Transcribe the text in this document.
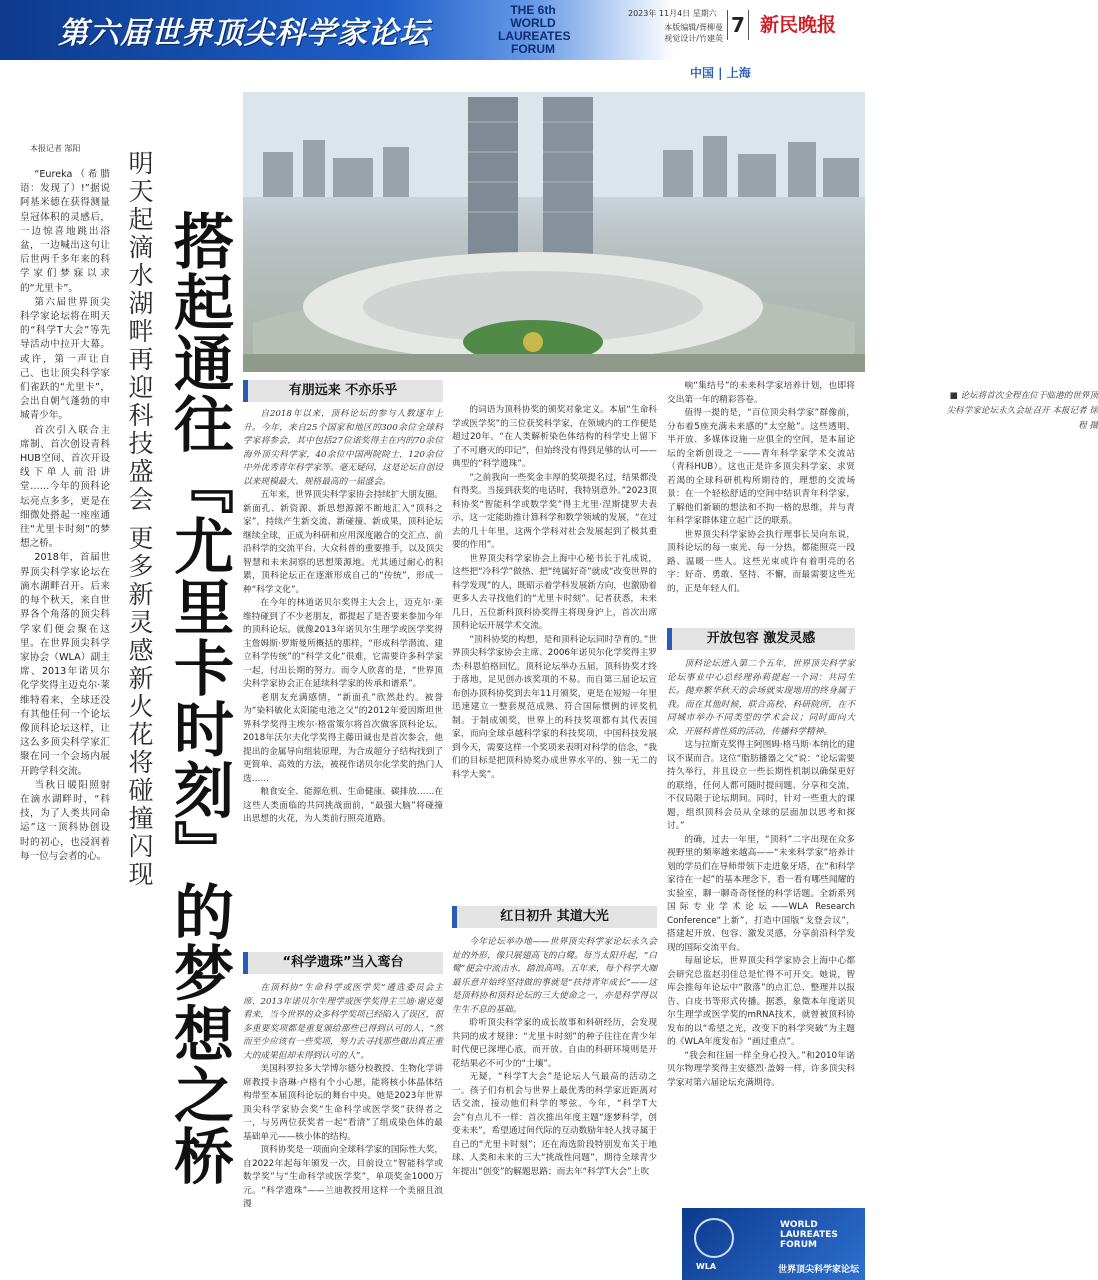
第六届世界顶尖科学家论坛
THE 6th WORLD LAUREATES FORUM
2023年 11月4日 星期六
本版编辑/胥柳曼 视觉设计/竹建英
7 新民晚报
中国 | 上海
本报记者 郜阳

“Eureka（希腊语：发现了）!”据说阿基米德在获得测量皇冠体积的灵感后，一边惊喜地跳出浴盆，一边喊出这句让后世两千多年来的科学家们梦寐以求的“尤里卡”。

第六届世界顶尖科学家论坛将在明天的“科学T大会”等先导活动中拉开大幕。或许，第一声让自己、也让顶尖科学家们雀跃的“尤里卡”，会出自朝气蓬勃的申城青少年。

首次引入联合主席制、首次创设青科HUB空间、首次开设线下单人前沿讲堂……今年的顶科论坛亮点多多，更是在细微处搭起一座座通往“尤里卡时刻”的梦想之桥。

2018年，首届世界顶尖科学家论坛在滴水湖畔召开。后来的每个秋天，来自世界各个角落的顶尖科学家们便会聚在这里。在世界顶尖科学家协会（WLA）副主席、2013年诺贝尔化学奖得主迈克尔·莱维特看来，全球还没有其他任何一个论坛像顶科论坛这样，让这么多顶尖科学家汇聚在同一个会场内展开跨学科交流。

当秋日暖阳照射在滴水湖畔时，“科技，为了人类共同命运”这一顶科协创设时的初心，也浸润着每一位与会者的心。 明天起滴水湖畔再迎科技盛会 更多新灵感新火花将碰撞闪现 搭起通往『尤里卡时刻』的梦想之桥	■ 论坛将首次全程在位于临港的世界顶尖科学家论坛永久会址召开 本报记者 徐程 摄
有朋远来 不亦乐乎

自2018年以来，顶科论坛的参与人数逐年上升。今年，来自25个国家和地区的300余位全球科学家将参会，其中包括27位诺奖得主在内的70余位海外顶尖科学家，40余位中国两院院士，120余位中外优秀青年科学家等。毫无疑问，这是论坛自创设以来规模最大、规格最高的一届盛会。

五年来，世界顶尖科学家协会持续扩大朋友圈。新面孔、新资源、新思想源源不断地汇入“顶科之家”，持续产生新交流、新碰撞、新成果，顶科论坛继续全球，正成为科研和应用深度融合的交汇点、前沿科学的交流平台、大众科普的重要推手，以及顶尖智慧和未来洞察的思想策源地。尤其通过耐心的积累，顶科论坛正在逐渐形成自己的“传统”，形成一种“科学文化”。

在今年的林道诺贝尔奖得主大会上，迈克尔·莱维特碰到了不少老朋友，都提起了是否要来参加今年的顶科论坛。就像2013年诺贝尔生理学或医学奖得主詹姆斯·罗斯曼所概括的那样，“形成科学潜流、建立科学传统”的“科学文化”很难，它需要许多科学家一起，付出长期的努力。而令人欣喜的是，“世界顶尖科学家协会正在延续科学家的传承和谱系”。

老朋友充满感情，“新面孔”欣然赴约。被誉为“染料敏化太阳能电池之父”的2012年爱因斯坦世界科学奖得主埃尔·格雷策尔将首次做客顶科论坛。2018年沃尔夫化学奖得主藤田诚也是首次参会，他提出的金属导向组装原理，为合成超分子结构找到了更简单、高效的方法，被视作诺贝尔化学奖的热门人选……

粮食安全、能源危机、生命健康、碳排放……在这些人类面临的共同挑战面前，“最强大脑”将碰撞出思想的火花，为人类前行照亮道路。

“科学遗珠”当入鸾台

在顶科协“生命科学或医学奖”遴选委员会主席、2013年诺贝尔生理学或医学奖得主兰迪·谢克曼看来，当今世界的众多科学奖项已经陷入了误区，很多重要奖项都是重复颁给那些已得到认可的人，“然而至少应该有一些奖项，努力去寻找那些做出真正重大的成果但却未得到认可的人”。

美国科罗拉多大学博尔德分校教授、生物化学讲席教授卡洛琳·卢格有个小心愿，能将核小体晶体结构带至本届顶科论坛的舞台中央。她是2023年世界顶尖科学家协会奖“生命科学或医学奖”获得者之一，与另两位获奖者一起“看清”了组成染色体的最基础单元——核小体的结构。

顶科协奖是一项面向全球科学家的国际性大奖，自2022年起每年颁发一次，目前设立“智能科学或数学奖”与“生命科学或医学奖”，单项奖金1000万元。“科学遗珠”——兰迪教授用这样一个美丽且浪漫

的词语为顶科协奖的颁奖对象定义。本届“生命科学或医学奖”的三位获奖科学家，在领域内的工作便是超过20年。“在人类解析染色体结构的科学史上留下了不可磨灭的印记”，但始终没有得到足够的认可——典型的“科学遗珠”。

“之前我向一些奖金丰厚的奖项提名过，结果都没有得奖。当接到获奖的电话时，我特别意外。”2023顶科协奖“智能科学或数学奖”得主尤里·涅斯捷罗夫表示，这一定能助推计算科学和数学领域的发展，“在过去的几十年里，这两个学科对社会发展起到了极其重要的作用”。

世界顶尖科学家协会上海中心秘书长于礼成说，这些把“冷科学”做热、把“纯属好奇”就成“改变世界的科学发现”的人，既昭示着学科发展新方向，也激励着更多人去寻找他们的“尤里卡时刻”。记者获悉，未来几日，五位新科顶科协奖得主将现身沪上，首次出席顶科论坛开展学术交流。

“顶科协奖的构想，是和顶科论坛同时孕育的。”世界顶尖科学家协会主席、2006年诺贝尔化学奖得主罗杰·科恩伯格回忆。顶科论坛举办五届，顶科协奖才终于落地，足见创办该奖项的不易。而自第三届论坛宣布创办顶科协奖到去年11月颁奖，更是在短短一年里迅速建立一整套规范成熟、符合国际惯例的评奖机制。于制成颁奖，世界上的科技奖项都有其代表国家，而向全球卓越科学家的科技奖项，中国科技发展到今天，需要这样一个奖项来表明对科学的信念，“我们的目标是把顶科协奖办成世界水平的、独一无二的科学大奖”。

红日初升 其道大光

今年论坛举办地——世界顶尖科学家论坛永久会址的外形，像只展翅高飞的白鹭。每当太阳升起，“白鹭”便会中流击水，踏浪高鸣。五年来，每个科学大咖最乐意并始终坚持做的事就是“扶持青年成长”——这是顶科协和顶科论坛的三大使命之一，亦是科学得以生生不息的基础。

聆听顶尖科学家的成长故事和科研经历，会发现共同的成才规律：“尤里卡时刻”的种子往往在青少年时代便已深埋心底，而开放、自由的科研环境则是开花结果必不可少的“土壤”。

无疑，“科学T大会”是论坛人气最高的活动之一。孩子们有机会与世界上最优秀的科学家近距离对话交流，接动他们科学的琴弦。今年，“科学T大会”有点儿不一样：首次推出年度主题“逐梦科学，创变未来”，希望通过间代际的互动数励年轻人找寻属于自己的“尤里卡时刻”；还在海选阶段特别发布关于地球、人类和未来的三大“挑战性问题”，期待全球青少年提出“创变”的解题思路；而去年“科学T大会”上吹

响“集结号”的未来科学家培养计划，也即将交出第一年的精彩答卷。

值得一提的是，“百位顶尖科学家”群像前，分布着5座充满未来感的“太空舱”。这些透明、半开放、多媒体设施一应俱全的空间，是本届论坛的全新创设之一——青年科学家学术交流站（青科HUB）。这也正是许多顶尖科学家、求贤若渴的全球科研机构所期待的，理想的交流场景：在一个轻松舒适的空间中结识青年科学家，了解他们新颖的想法和不拘一格的思维，并与青年科学家群体建立起广泛的联系。

世界顶尖科学家协会执行理事长吴向东说，顶科论坛的每一束光、每一分热，都能照亮一段路、温暖一些人。这些光束或许有着明亮的名字：好奇、勇敢、坚持、不懈，而最需要这些光的，正是年轻人们。

开放包容 激发灵感

顶科论坛进入第二个五年，世界顶尖科学家论坛事业中心总经理孙莉提起一个词：共同生长。抛弃繁华秋天的会场就实现地用的终身属于我。而在其他时候，联合高校、科研院所，在不同城市举办不同类型的学术会议；同时面向大众，开展科普性质的活动，传播科学精神。

这与拉斯克奖得主阿图姆·格马斯·本纳比的建议不谋而合。这位“脂肪播器之父”说：“论坛需要持久举行，并且设立一些长期性机制以确保更好的联络，任何人都可随时提问题、分享和交流，不仅局限于论坛期间。同时，针对一些重大的课题，组织顶科会员从全球的层面加以思考和探讨。”

的确，过去一年里，“顶科”二字出现在众多视野里的频率越来越高——“未来科学家”培养计划的学员们在导师带领下走进象牙塔，在“和科学家待在一起”的基本理念下，看一看有哪些闻耀的实验室，聊一聊奇奇怪怪的科学话题。全新系列国际专业学术论坛——WLA Research Conference“上新”，打造中国版“戈登会议”，搭建起开放、包容、激发灵感，分享前沿科学发现的国际交流平台。

每届论坛，世界顶尖科学家协会上海中心都会研究总监赵羽佳总是忙得不可开交。她说，智库会推每年论坛中“散落”的点汇总、整理并以报告、白皮书等形式传播。据悉，象徵本年度诺贝尔生理学或医学奖的mRNA技术，就曾被顶科协发布的以“希望之光，改变下的科学突破”为主题的《WLA年度发布》“画过重点”。

“我会和往届一样全身心投入。”和2010年诺贝尔物理学奖得主安德烈·盖姆一样，许多顶尖科学家对第六届论坛充满期待。

WLA
WORLD LAUREATES FORUM
世界顶尖科学家论坛
